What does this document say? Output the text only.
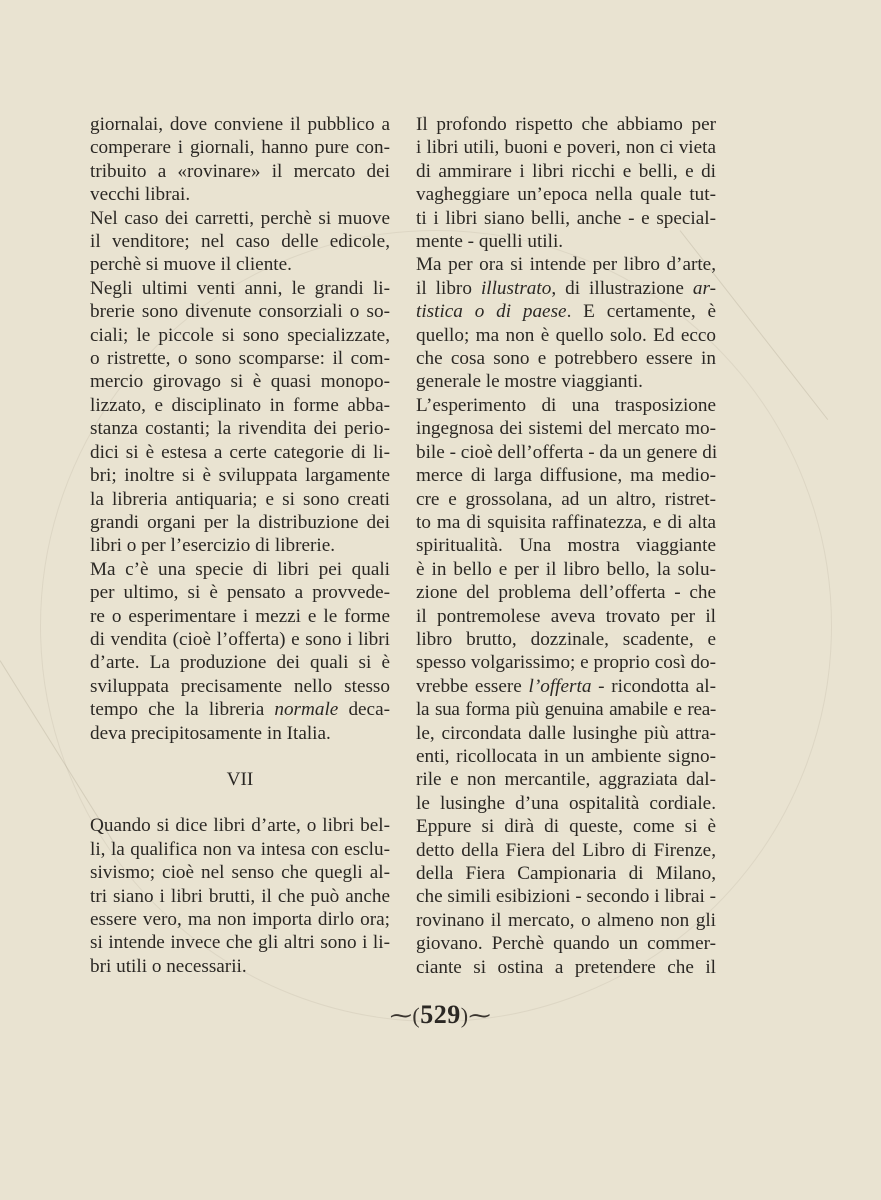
giornalai, dove conviene il pubblico a
comperare i giornali, hanno pure con-
tribuito a «rovinare» il mercato dei
vecchi librai.
Nel caso dei carretti, perchè si muove
il venditore; nel caso delle edicole,
perchè si muove il cliente.
Negli ultimi venti anni, le grandi li-
brerie sono divenute consorziali o so-
ciali; le piccole si sono specializzate,
o ristrette, o sono scomparse: il com-
mercio girovago si è quasi monopo-
lizzato, e disciplinato in forme abba-
stanza costanti; la rivendita dei perio-
dici si è estesa a certe categorie di li-
bri; inoltre si è sviluppata largamente
la libreria antiquaria; e si sono creati
grandi organi per la distribuzione dei
libri o per l’esercizio di librerie.
Ma c’è una specie di libri pei quali
per ultimo, si è pensato a provvede-
re o esperimentare i mezzi e le forme
di vendita (cioè l’offerta) e sono i libri
d’arte. La produzione dei quali si è
sviluppata precisamente nello stesso
tempo che la libreria normale deca-
deva precipitosamente in Italia.
VII
Quando si dice libri d’arte, o libri bel-
li, la qualifica non va intesa con esclu-
sivismo; cioè nel senso che quegli al-
tri siano i libri brutti, il che può anche
essere vero, ma non importa dirlo ora;
si intende invece che gli altri sono i li-
bri utili o necessarii.
Il profondo rispetto che abbiamo per
i libri utili, buoni e poveri, non ci vieta
di ammirare i libri ricchi e belli, e di
vagheggiare un’epoca nella quale tut-
ti i libri siano belli, anche - e special-
mente - quelli utili.
Ma per ora si intende per libro d’arte,
il libro illustrato, di illustrazione ar-
tistica o di paese. E certamente, è
quello; ma non è quello solo. Ed ecco
che cosa sono e potrebbero essere in
generale le mostre viaggianti.
L’esperimento di una trasposizione
ingegnosa dei sistemi del mercato mo-
bile - cioè dell’offerta - da un genere di
merce di larga diffusione, ma medio-
cre e grossolana, ad un altro, ristret-
to ma di squisita raffinatezza, e di alta
spiritualità. Una mostra viaggiante
è in bello e per il libro bello, la solu-
zione del problema dell’offerta - che
il pontremolese aveva trovato per il
libro brutto, dozzinale, scadente, e
spesso volgarissimo; e proprio così do-
vrebbe essere l’offerta - ricondotta al-
la sua forma più genuina amabile e rea-
le, circondata dalle lusinghe più attra-
enti, ricollocata in un ambiente signo-
rile e non mercantile, aggraziata dal-
le lusinghe d’una ospitalità cordiale.
Eppure si dirà di queste, come si è
detto della Fiera del Libro di Firenze,
della Fiera Campionaria di Milano,
che simili esibizioni - secondo i librai -
rovinano il mercato, o almeno non gli
giovano. Perchè quando un commer-
ciante si ostina a pretendere che il
⁓(529)⁓
